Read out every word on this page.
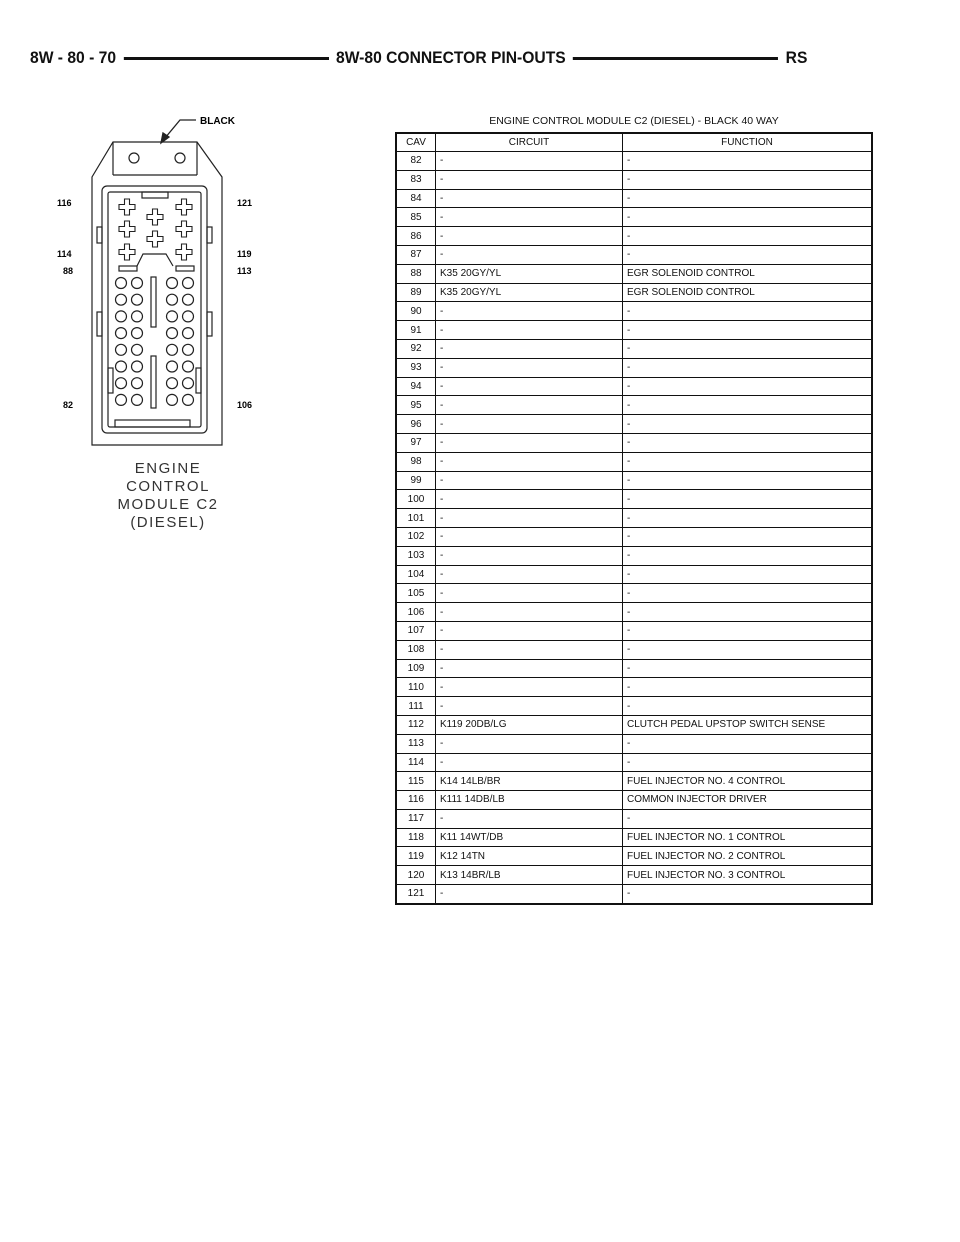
8W - 80 - 70	8W-80 CONNECTOR PIN-OUTS	RS
BLACK
116
114
88
82
121
119
113
106
ENGINE
CONTROL
MODULE C2
(DIESEL)
ENGINE CONTROL MODULE C2 (DIESEL) - BLACK 40 WAY
CAV	CIRCUIT	FUNCTION
82	-	-
83	-	-
84	-	-
85	-	-
86	-	-
87	-	-
88	K35 20GY/YL	EGR SOLENOID CONTROL
89	K35 20GY/YL	EGR SOLENOID CONTROL
90	-	-
91	-	-
92	-	-
93	-	-
94	-	-
95	-	-
96	-	-
97	-	-
98	-	-
99	-	-
100	-	-
101	-	-
102	-	-
103	-	-
104	-	-
105	-	-
106	-	-
107	-	-
108	-	-
109	-	-
110	-	-
111	-	-
112	K119 20DB/LG	CLUTCH PEDAL UPSTOP SWITCH SENSE
113	-	-
114	-	-
115	K14 14LB/BR	FUEL INJECTOR NO. 4 CONTROL
116	K111 14DB/LB	COMMON INJECTOR DRIVER
117	-	-
118	K11 14WT/DB	FUEL INJECTOR NO. 1 CONTROL
119	K12 14TN	FUEL INJECTOR NO. 2 CONTROL
120	K13 14BR/LB	FUEL INJECTOR NO. 3 CONTROL
121	-	-
